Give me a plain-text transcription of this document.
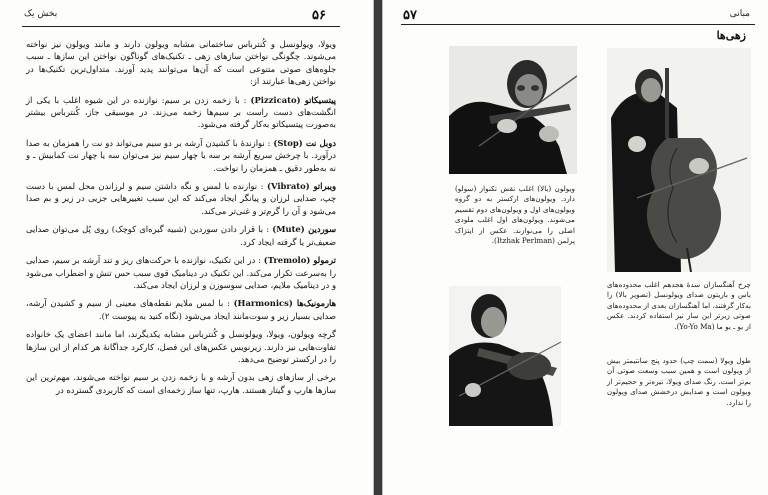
۵۶
بخش یک

ویولا، ویولونسل و کُنترباس ساختمانی مشابه ویولون دارند و مانند ویولون نیز نواخته می‌شوند. چگونگی نواختن سازهای زهی ـ تکنیک‌های گوناگون نواختن این سازها ـ سبب جلوه‌های صوتی متنوعی است که آن‌ها می‌توانند پدید آورند. متداول‌ترین تکنیک‌ها در نواختن زهی‌ها عبارتند از:

پیتسیکاتو (Pizzicato) : با زخمه زدن بر سیم: نوازنده در این شیوه اغلب با یکی از انگشت‌های دست راست بر سیم‌ها زخمه می‌زند. در موسیقی جاز، کُنترباس بیشتر به‌صورت پیتسیکاتو به‌کار گرفته می‌شود.

دوبل نت (Stop) : نوازندهٔ با کشیدن آرشه بر دو سیم می‌تواند دو نت را همزمان به صدا درآورد. با چرخش سریع آرشه بر سه یا چهار سیم نیز می‌توان سه یا چهار نت کمابیش ـ و نه به‌طور دقیق ـ همزمان را نواخت.

ویبراتو (Vibrato) : نوازنده با لمس و نگه داشتن سیم و لرزاندن محل لمس با دست چپ، صدایی لرزان و پیانگر ایجاد می‌کند که این سبب تغییرهایی جزیی در زیر و بم صدا می‌شود و آن را گرم‌تر و غنی‌تر می‌کند.

سوردین (Mute) : با قرار دادن سوردین (شبیه گیره‌ای کوچک) روی پُل می‌توان صدایی ضعیف‌تر یا گرفته ایجاد کرد.

ترمولو (Tremolo) : در این تکنیک، نوازنده با حرکت‌های ریز و تند آرشه بر سیم، صدایی را به‌سرعت تکرار می‌کند. این تکنیک در دینامیک قوی سبب حس تنش و اضطراب می‌شود و در دینامیک ملایم، صدایی سوسوزن و لرزان ایجاد می‌کند.

هارمونیک‌ها (Harmonics) : با لمس ملایم نقطه‌های معینی از سیم و کشیدن آرشه، صدایی بسیار زیر و سوت‌مانند ایجاد می‌شود (نگاه کنید به پیوست ۲).

گرچه ویولون، ویولا، ویولونسل و کُنترباس مشابه یکدیگرند، اما مانند اعضای یک خانواده تفاوت‌هایی نیز دارند. زیرنویس عکس‌های این فصل، کارکرد جداگانهٔ هر کدام از این سازها را در ارکستر توضیح می‌دهد.

برخی از سازهای زهی بدون آرشه و با زخمه زدن بر سیم نواخته می‌شوند. مهم‌ترین این سازها هارپ و گیتار هستند. هارپ، تنها ساز زخمه‌ای است که کاربردی گسترده در

۵۷	مبانی
زهی‌ها
ویولون (بالا) اغلب نقش تکنواز (سولو) دارد. ویولون‌های ارکستر به دو گروه ویولون‌های اول و ویولون‌های دوم تقسیم می‌شوند. ویولون‌های اول اغلب ملودی اصلی را می‌نوازند. عکس از ایتژاک پرلمن (Itzhak Perlman).
چرخ آهنگسازان سدهٔ هجدهم اغلب محدوده‌های باس و باریتون صدای ویولونسل (تصویر بالا) را به‌کار گرفتند، اما آهنگسازان بعدی از محدوده‌های صوتی زیرتر این ساز نیز استفاده کردند. عکس از یو ـ یو ما (Yo-Yo Ma).
طول ویولا (سمت چپ) حدود پنج سانتیمتر بیش از ویولون است و همین سبب وسعت صوتی آن بم‌تر است. رنگ صدای ویولا، تیره‌تر و حجیم‌تر از ویولون است و صدایش درخشش صدای ویولون را ندارد.
